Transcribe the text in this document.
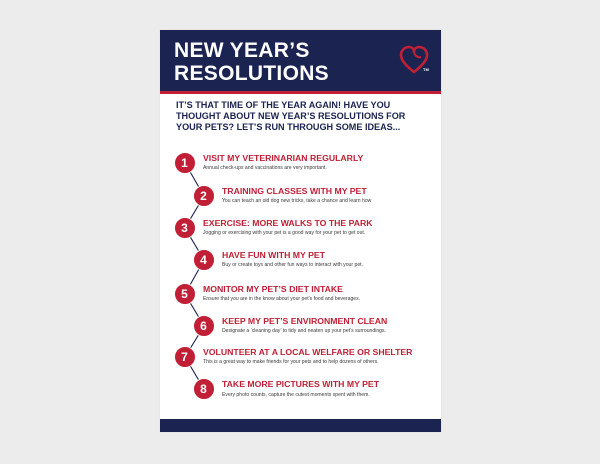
NEW YEAR’S
RESOLUTIONS	TM
IT’S THAT TIME OF THE YEAR AGAIN! HAVE YOU
THOUGHT ABOUT NEW YEAR’S RESOLUTIONS FOR
YOUR PETS? LET’S RUN THROUGH SOME IDEAS...
1	VISIT MY VETERINARIAN REGULARLY
Annual check-ups and vaccinations are very important.
2	TRAINING CLASSES WITH MY PET
You can teach an old dog new tricks, take a chance and learn how
3	EXERCISE: MORE WALKS TO THE PARK
Jogging or exercising with your pet is a good way for your pet to get out.
4	HAVE FUN WITH MY PET
Buy or create toys and other fun ways to interact with your pet.
5	MONITOR MY PET’S DIET INTAKE
Ensure that you are in the know about your pet’s food and beverages.
6	KEEP MY PET’S ENVIRONMENT CLEAN
Designate a ‘cleaning day’ to tidy and neaten up your pet’s surroundings.
7	VOLUNTEER AT A LOCAL WELFARE OR SHELTER
This is a great way to make friends for your pets and to help dozens of others.
8	TAKE MORE PICTURES WITH MY PET
Every photo counts, capture the cutest moments spent with them.
